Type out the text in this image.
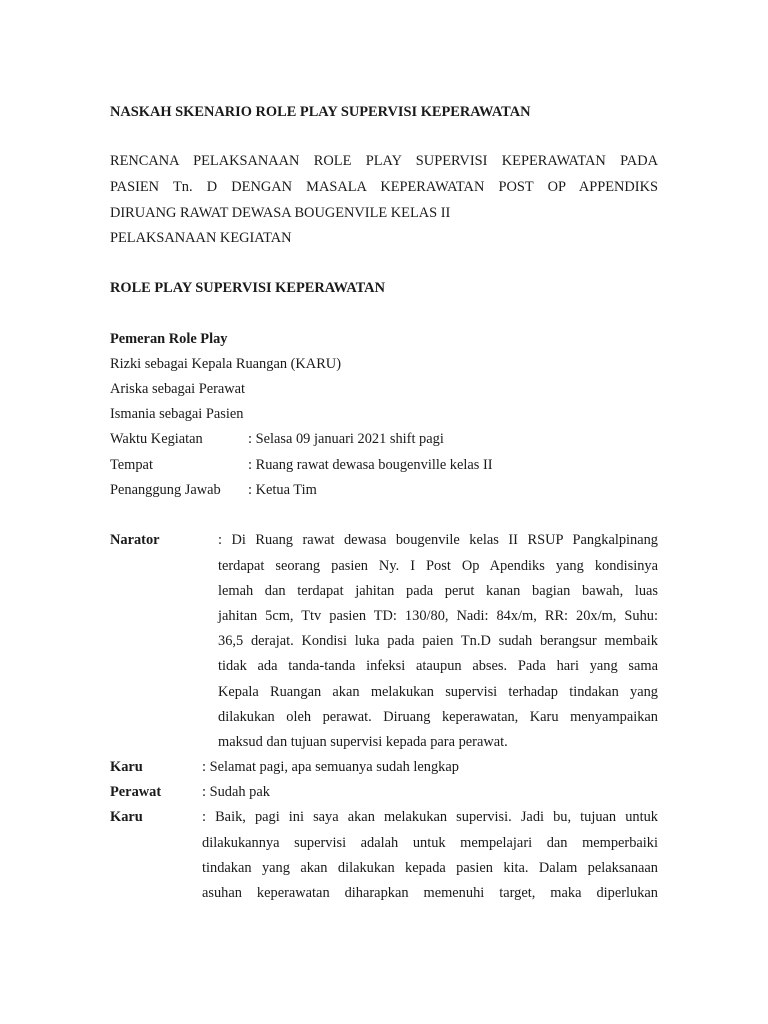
NASKAH SKENARIO ROLE PLAY SUPERVISI KEPERAWATAN
RENCANA PELAKSANAAN ROLE PLAY SUPERVISI KEPERAWATAN PADA
PASIEN Tn. D DENGAN MASALA KEPERAWATAN POST OP APPENDIKS
DIRUANG RAWAT DEWASA BOUGENVILE KELAS II
PELAKSANAAN KEGIATAN
ROLE PLAY SUPERVISI KEPERAWATAN
Pemeran Role Play
Rizki sebagai Kepala Ruangan (KARU)
Ariska sebagai Perawat
Ismania sebagai Pasien
Waktu Kegiatan	: Selasa 09 januari 2021 shift pagi
Tempat	: Ruang rawat dewasa bougenville kelas II
Penanggung Jawab : Ketua Tim
Narator	: Di Ruang rawat dewasa bougenvile kelas II RSUP Pangkalpinang
terdapat seorang pasien Ny. I Post Op Apendiks yang kondisinya
lemah dan terdapat jahitan pada perut kanan bagian bawah, luas
jahitan 5cm, Ttv pasien TD: 130/80, Nadi: 84x/m, RR: 20x/m, Suhu:
36,5 derajat. Kondisi luka pada paien Tn.D sudah berangsur membaik
tidak ada tanda-tanda infeksi ataupun abses. Pada hari yang sama
Kepala Ruangan akan melakukan supervisi terhadap tindakan yang
dilakukan oleh perawat. Diruang keperawatan, Karu menyampaikan
maksud dan tujuan supervisi kepada para perawat.
Karu	: Selamat pagi, apa semuanya sudah lengkap
Perawat	: Sudah pak
Karu	: Baik, pagi ini saya akan melakukan supervisi. Jadi bu, tujuan untuk
dilakukannya supervisi adalah untuk mempelajari dan memperbaiki
tindakan yang akan dilakukan kepada pasien kita. Dalam pelaksanaan
asuhan keperawatan diharapkan memenuhi target, maka diperlukan
